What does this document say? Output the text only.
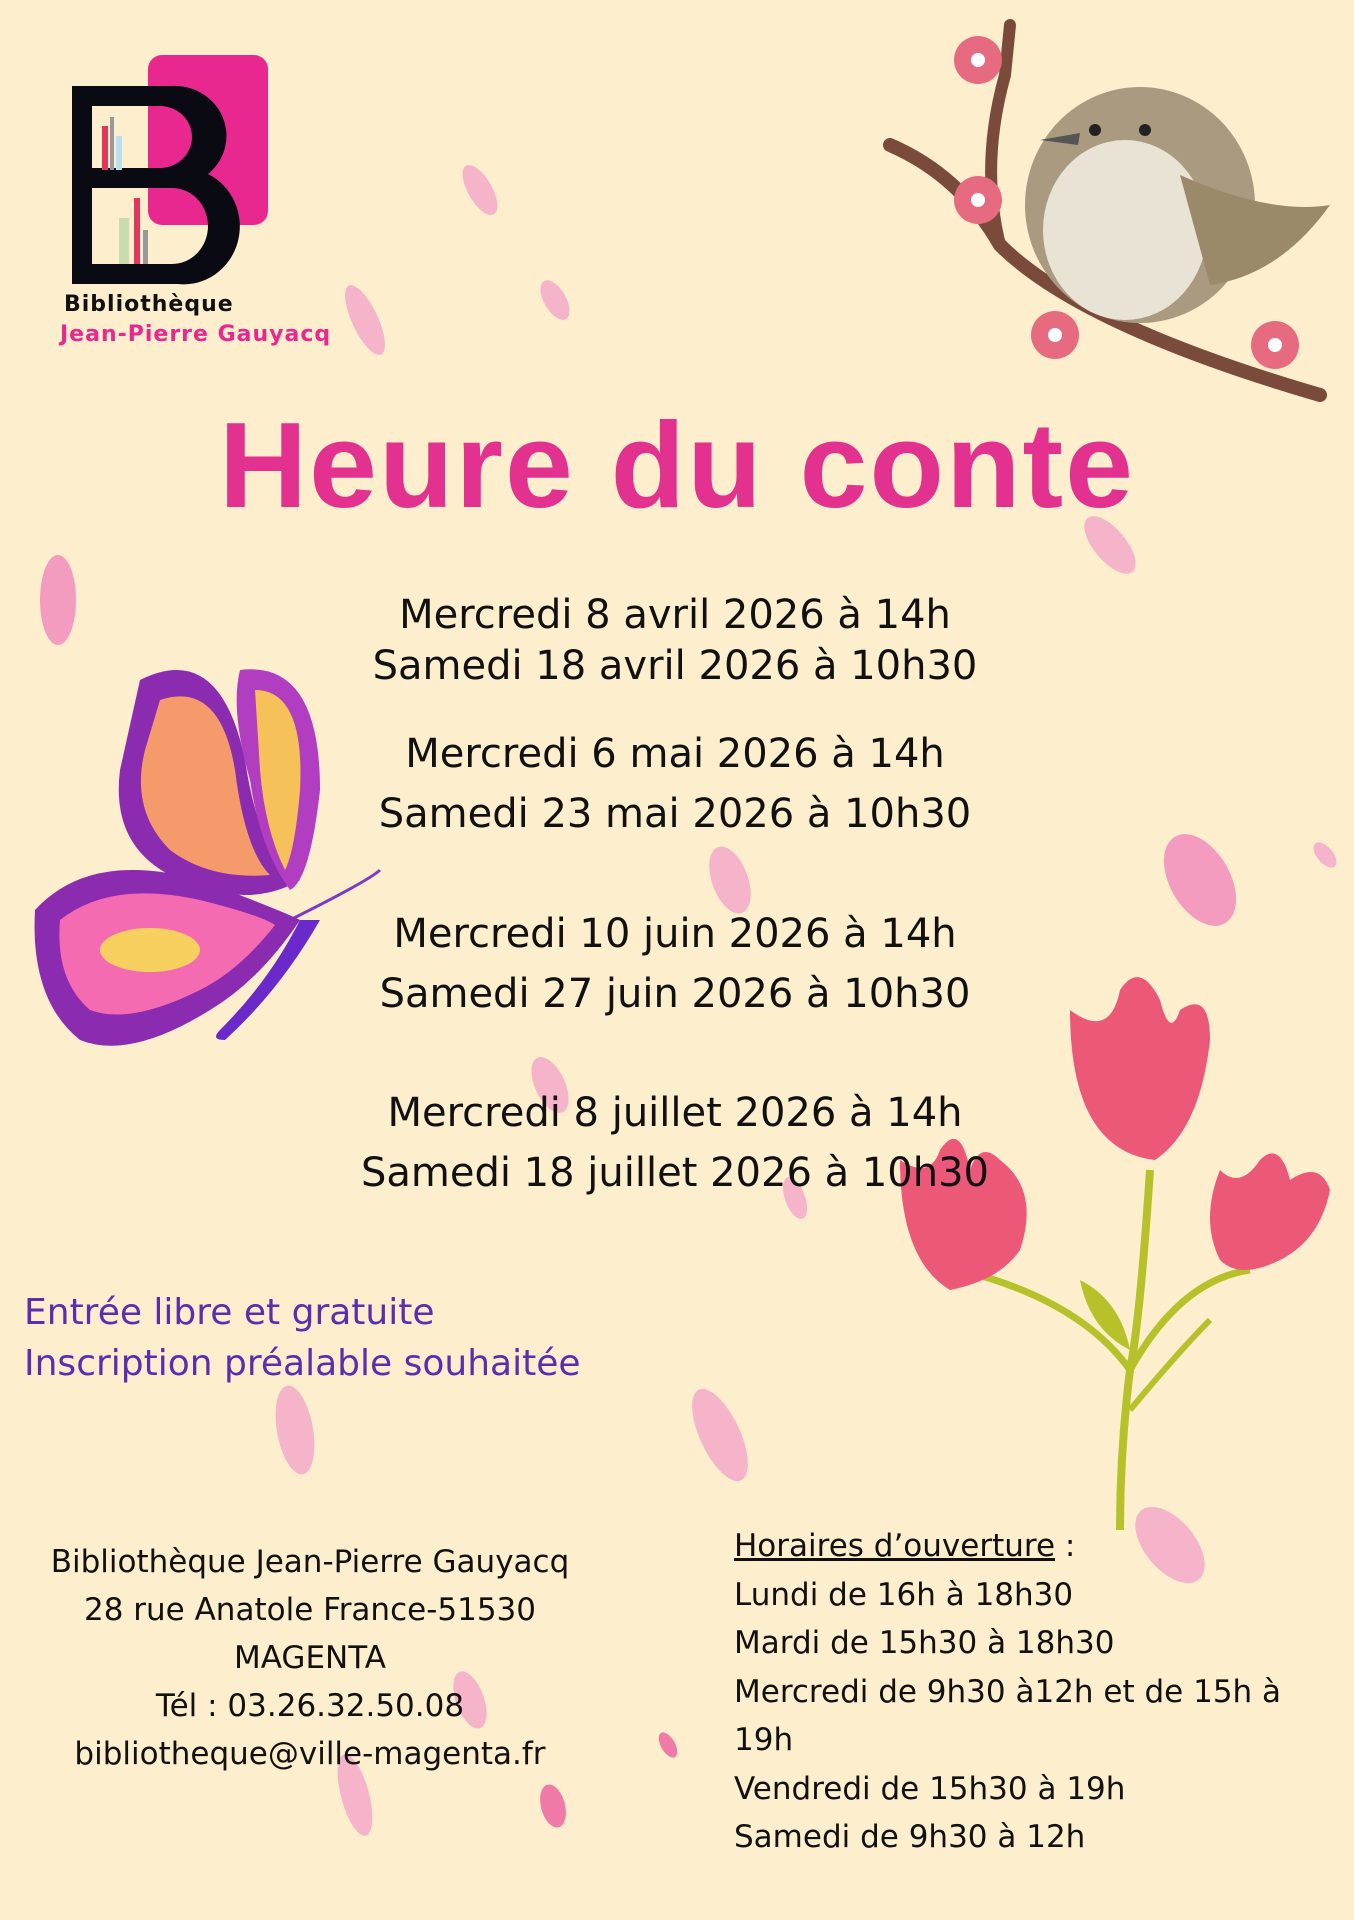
Bibliothèque
Jean-Pierre Gauyacq
Heure du conte
Mercredi 8 avril 2026 à 14h
Samedi 18 avril 2026 à 10h30
Mercredi 6 mai 2026 à 14h
Samedi 23 mai 2026 à 10h30
Mercredi 10 juin 2026 à 14h
Samedi 27 juin 2026 à 10h30
Mercredi 8 juillet 2026 à 14h
Samedi 18 juillet 2026 à 10h30
Entrée libre et gratuite
Inscription préalable souhaitée
Bibliothèque Jean-Pierre Gauyacq
28 rue Anatole France-51530
MAGENTA
Tél : 03.26.32.50.08
bibliotheque@ville-magenta.fr
Horaires d’ouverture :
Lundi de 16h à 18h30
Mardi de 15h30 à 18h30
Mercredi de 9h30 à12h et de 15h à
19h
Vendredi de 15h30 à 19h
Samedi de 9h30 à 12h
